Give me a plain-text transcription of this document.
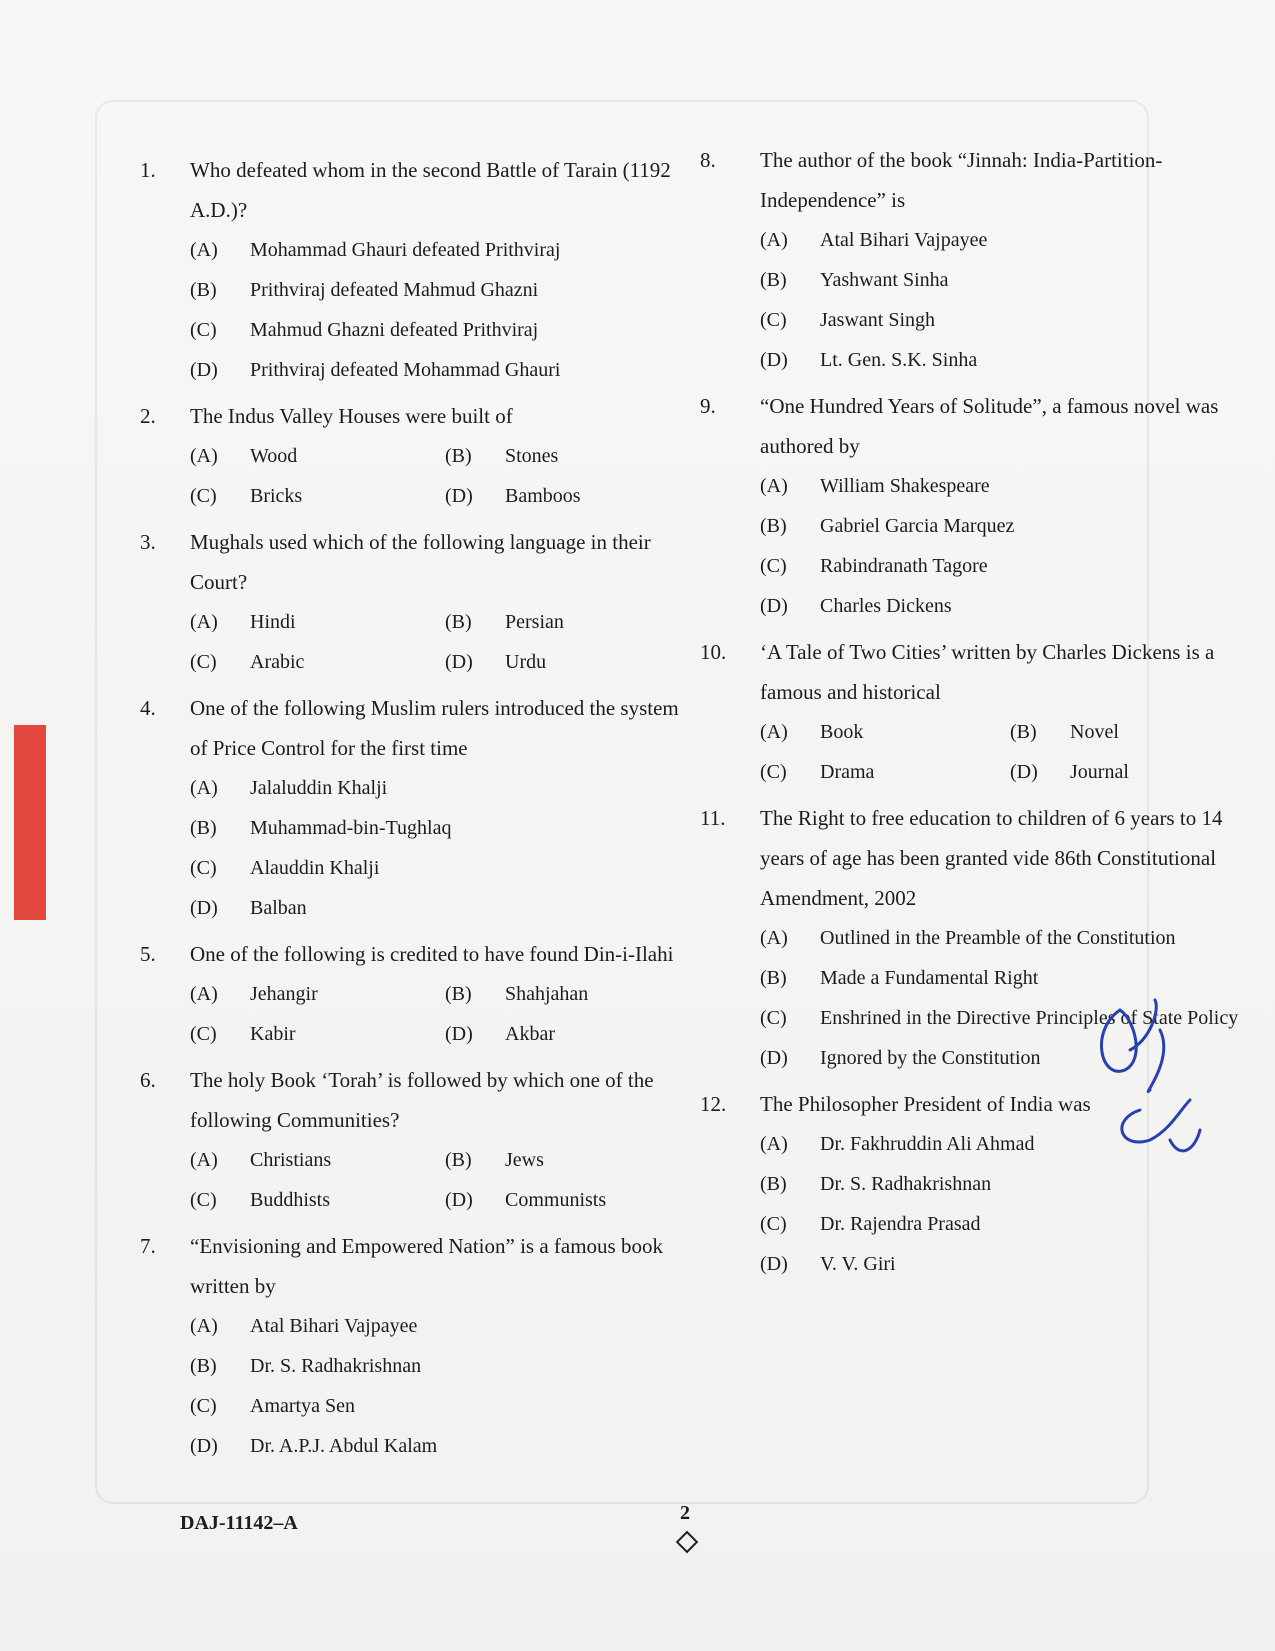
1.	Who defeated whom in the second Battle of Tarain (1192 A.D.)?
(A)	Mohammad Ghauri defeated Prithviraj
(B)	Prithviraj defeated Mahmud Ghazni
(C)	Mahmud Ghazni defeated Prithviraj
(D)	Prithviraj defeated Mohammad Ghauri
2.	The Indus Valley Houses were built of
(A)	Wood	(B)	Stones
(C)	Bricks	(D)	Bamboos
3.	Mughals used which of the following language in their Court?
(A)	Hindi	(B)	Persian
(C)	Arabic	(D)	Urdu
4.	One of the following Muslim rulers introduced the system of Price Control for the first time
(A)	Jalaluddin Khalji
(B)	Muhammad-bin-Tughlaq
(C)	Alauddin Khalji
(D)	Balban
5.	One of the following is credited to have found Din-i-Ilahi
(A)	Jehangir	(B)	Shahjahan
(C)	Kabir	(D)	Akbar
6.	The holy Book ‘Torah’ is followed by which one of the following Communities?
(A)	Christians	(B)	Jews
(C)	Buddhists	(D)	Communists
7.	“Envisioning and Empowered Nation” is a famous book written by
(A)	Atal Bihari Vajpayee
(B)	Dr. S. Radhakrishnan
(C)	Amartya Sen
(D)	Dr. A.P.J. Abdul Kalam
8.	The author of the book “Jinnah: India-Partition-Independence” is
(A)	Atal Bihari Vajpayee
(B)	Yashwant Sinha
(C)	Jaswant Singh
(D)	Lt. Gen. S.K. Sinha
9.	“One Hundred Years of Solitude”, a famous novel was authored by
(A)	William Shakespeare
(B)	Gabriel Garcia Marquez
(C)	Rabindranath Tagore
(D)	Charles Dickens
10.	‘A Tale of Two Cities’ written by Charles Dickens is a famous and historical
(A)	Book	(B)	Novel
(C)	Drama	(D)	Journal
11.	The Right to free education to children of 6 years to 14 years of age has been granted vide 86th Constitutional Amendment, 2002
(A)	Outlined in the Preamble of the Constitution
(B)	Made a Fundamental Right
(C)	Enshrined in the Directive Principles of State Policy
(D)	Ignored by the Constitution
12.	The Philosopher President of India was
(A)	Dr. Fakhruddin Ali Ahmad
(B)	Dr. S. Radhakrishnan
(C)	Dr. Rajendra Prasad
(D)	V. V. Giri
DAJ-11142–A	2
